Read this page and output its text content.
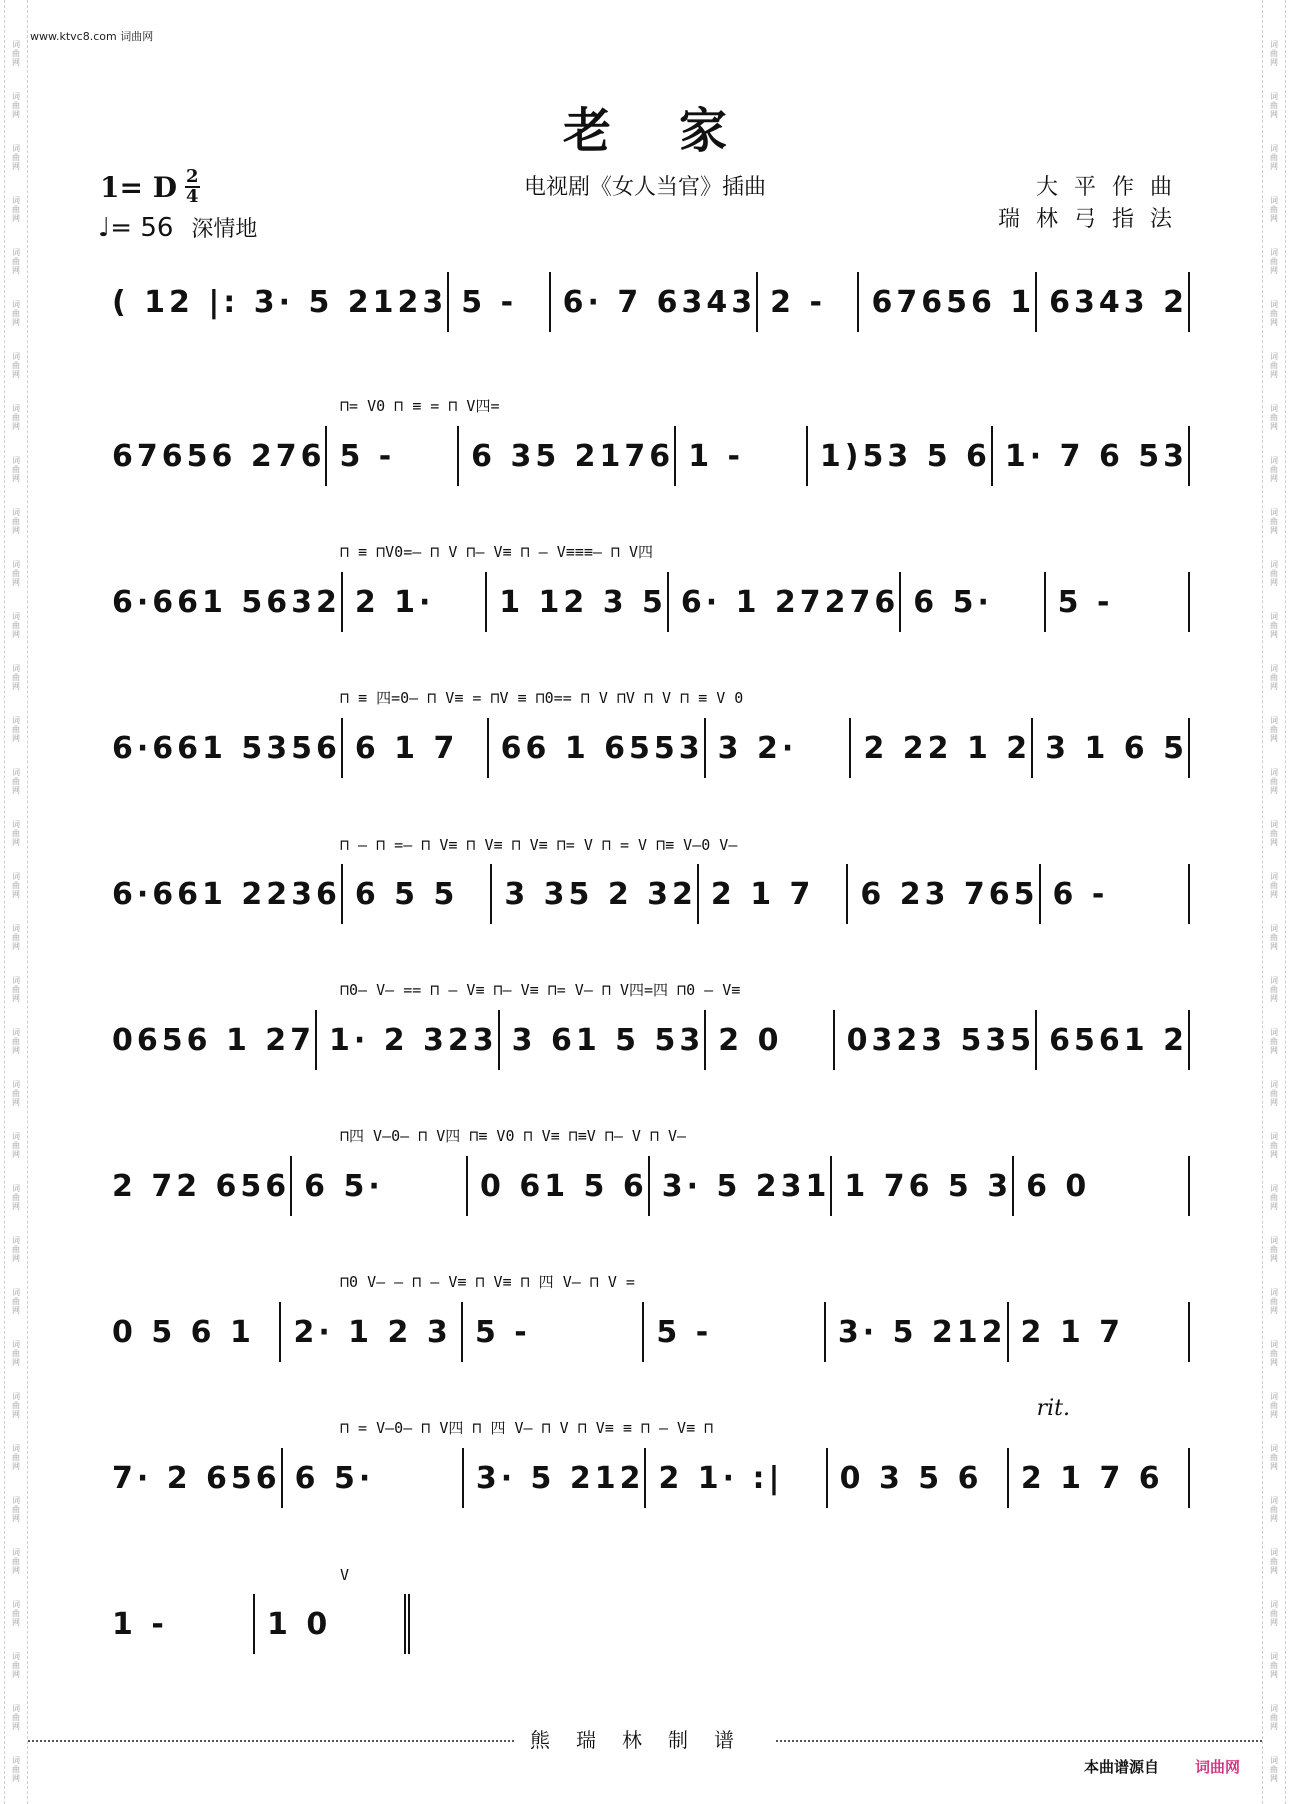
词
曲
网
词
曲
网
词
曲
网
词
曲
网
词
曲
网
词
曲
网
词
曲
网
词
曲
网
词
曲
网
词
曲
网
词
曲
网
词
曲
网
词
曲
网
词
曲
网
词
曲
网
词
曲
网
词
曲
网
词
曲
网
词
曲
网
词
曲
网
词
曲
网
词
曲
网
词
曲
网
词
曲
网
词
曲
网
词
曲
网
词
曲
网
词
曲
网
词
曲
网
词
曲
网
词
曲
网
词
曲
网
词
曲
网
词
曲
网
词
曲
网
词
曲
网
词
曲
网
词
曲
网
词
曲
网
词
曲
网
词
曲
网
词
曲
网
词
曲
网
词
曲
网
词
曲
网
词
曲
网
词
曲
网
词
曲
网
词
曲
网
词
曲
网
词
曲
网
词
曲
网
词
曲
网
词
曲
网
词
曲
网
词
曲
网
词
曲
网
词
曲
网
词
曲
网
词
曲
网
词
曲
网
词
曲
网
词
曲
网
词
曲
网
词
曲
网
词
曲
网
词
曲
网
词
曲
网
www.ktvc8.com 词曲网
老家
1= D $\frac{2}{4}$
♩= 56 深情地
电视剧《女人当官》插曲	大平作曲
瑞林弓指法
( 12 |: 3· 5 2123 5 -	6· 7 6343 2 -	67656 1 6343 2
⊓= V0 ⊓ ≡ = ⊓ V四=
67656 276 5 -	6 35 2176 1 -	1)53 5 6 1· 7 6 53
⊓ ≡ ⊓V0=— ⊓ V ⊓— V≡ ⊓ — V≡≡≡— ⊓ V四
6·661 5632 2 1·	1 12 3 5 6· 1 27276 6 5·	5 -
⊓ ≡ 四=0— ⊓ V≡ = ⊓V ≡ ⊓0== ⊓ V ⊓V ⊓ V ⊓ ≡ V 0
6·661 5356 6 1 7	66 1 6553 3 2·	2 22 1 2 3 1 6 5
⊓ — ⊓ =— ⊓ V≡ ⊓ V≡ ⊓ V≡ ⊓= V ⊓ = V ⊓≡ V—0 V—
6·661 2236 6 5 5	3 35 2 32 2 1 7	6 23 765 6 -
⊓0— V— == ⊓ — V≡ ⊓— V≡ ⊓= V— ⊓ V四=四 ⊓0 — V≡
0656 1 27 1· 2 323 3 61 5 53 2 0	0323 535 6561 2
⊓四 V—0— ⊓ V四 ⊓≡ V0 ⊓ V≡ ⊓≡V ⊓— V ⊓ V—
2 72 656 6 5·	0 61 5 6 3· 5 231 1 76 5 3 6 0
⊓0 V— — ⊓ — V≡ ⊓ V≡ ⊓ 四 V— ⊓ V =
0 5 6 1	2· 1 2 3 5 -	5 -	3· 5 212 2 1 7
⊓ = V—0— ⊓ V四 ⊓ 四 V— ⊓ V ⊓ V≡ ≡ ⊓ — V≡ ⊓
rit.
7· 2 656 6 5·	3· 5 212 2 1· :|	0 3 5 6	2 1 7 6
V
1 -	1 0
熊瑞林制谱
本曲谱源自 词曲网
